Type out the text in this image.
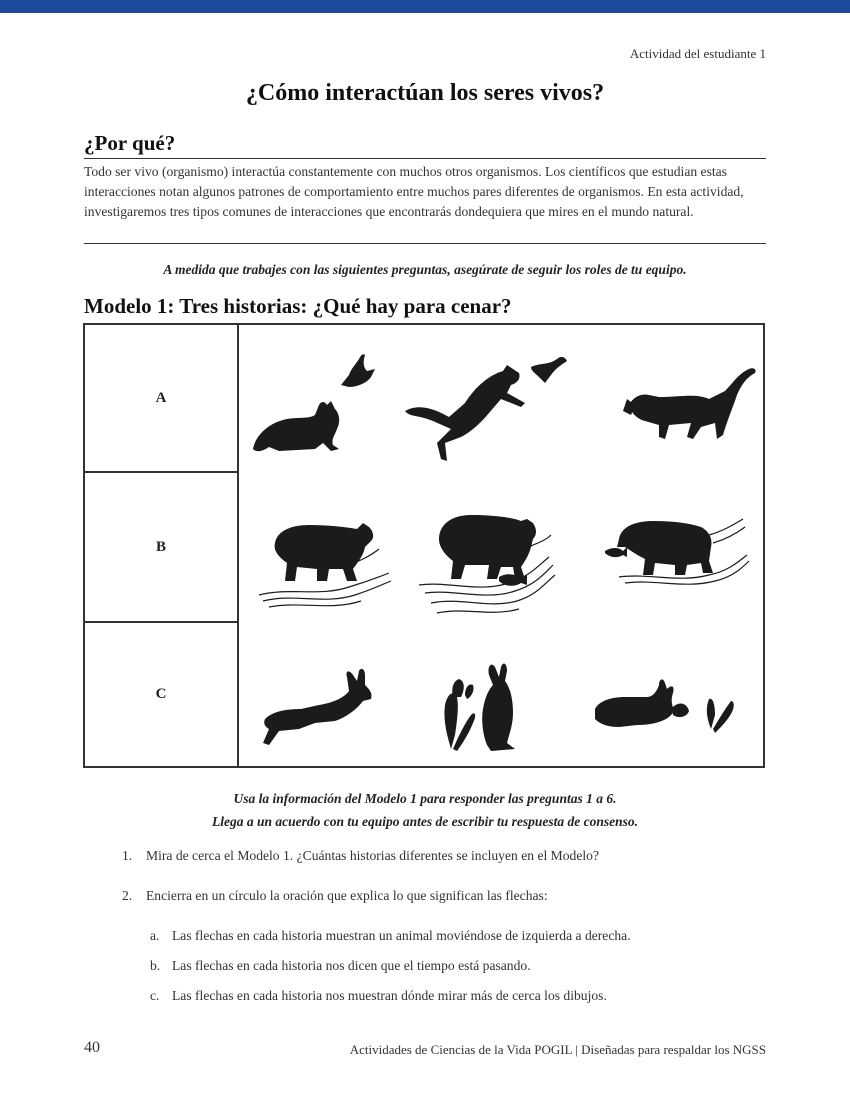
Actividad del estudiante 1
¿Cómo interactúan los seres vivos?
¿Por qué?
Todo ser vivo (organismo) interactúa constantemente con muchos otros organismos. Los científicos que estudian estas interacciones notan algunos patrones de comportamiento entre muchos pares diferentes de organismos. En esta actividad, investigaremos tres tipos comunes de interacciones que encontrarás dondequiera que mires en el mundo natural.
A medida que trabajes con las siguientes preguntas, asegúrate de seguir los roles de tu equipo.
Modelo 1: Tres historias: ¿Qué hay para cenar?
A
B
C
Usa la información del Modelo 1 para responder las preguntas 1 a 6.
Llega a un acuerdo con tu equipo antes de escribir tu respuesta de consenso.
1. Mira de cerca el Modelo 1. ¿Cuántas historias diferentes se incluyen en el Modelo?
2. Encierra en un círculo la oración que explica lo que significan las flechas:
a. Las flechas en cada historia muestran un animal moviéndose de izquierda a derecha.
b. Las flechas en cada historia nos dicen que el tiempo está pasando.
c. Las flechas en cada historia nos muestran dónde mirar más de cerca los dibujos.
40	Actividades de Ciencias de la Vida POGIL | Diseñadas para respaldar los NGSS
